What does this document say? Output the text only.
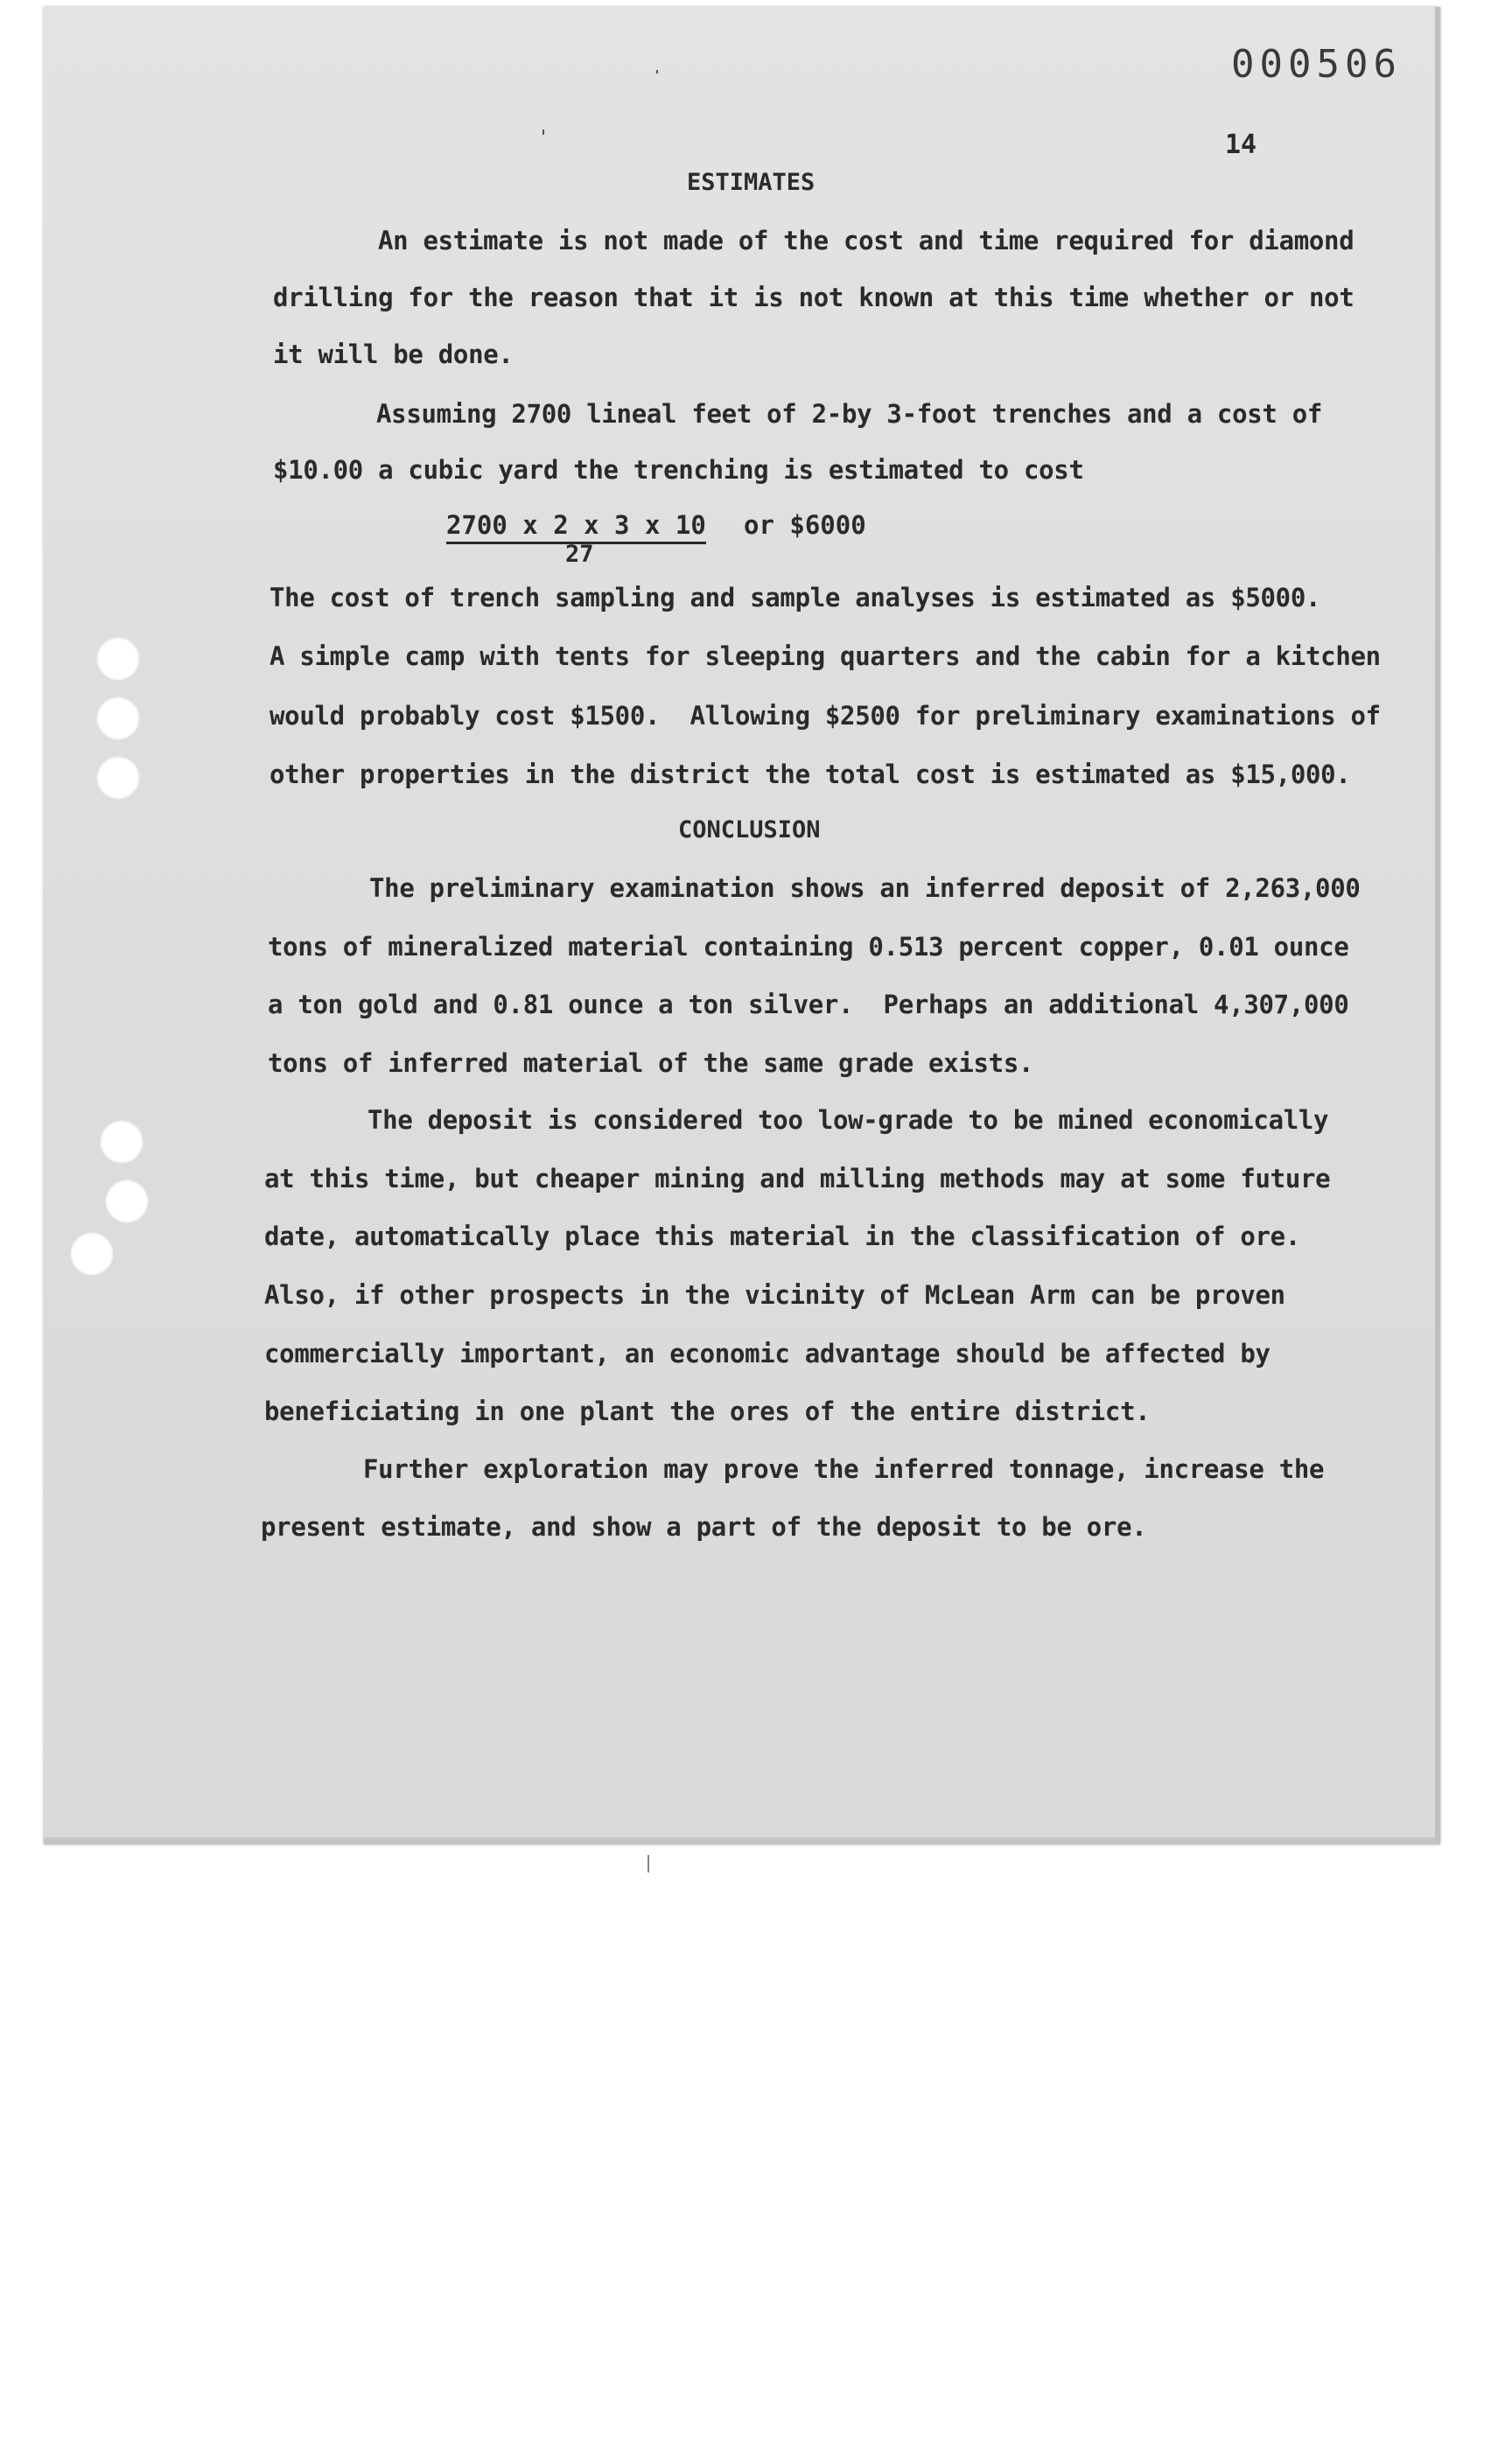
000506
14
ESTIMATES
An estimate is not made of the cost and time required for diamond
drilling for the reason that it is not known at this time whether or not
it will be done.
Assuming 2700 lineal feet of 2-by 3-foot trenches and a cost of
$10.00 a cubic yard the trenching is estimated to cost
2700 x 2 x 3 x 10
27
or $6000
The cost of trench sampling and sample analyses is estimated as $5000.
A simple camp with tents for sleeping quarters and the cabin for a kitchen
would probably cost $1500.  Allowing $2500 for preliminary examinations of
other properties in the district the total cost is estimated as $15,000.
CONCLUSION
The preliminary examination shows an inferred deposit of 2,263,000
tons of mineralized material containing 0.513 percent copper, 0.01 ounce
a ton gold and 0.81 ounce a ton silver.  Perhaps an additional 4,307,000
tons of inferred material of the same grade exists.
The deposit is considered too low-grade to be mined economically
at this time, but cheaper mining and milling methods may at some future
date, automatically place this material in the classification of ore.
Also, if other prospects in the vicinity of McLean Arm can be proven
commercially important, an economic advantage should be affected by
beneficiating in one plant the ores of the entire district.
Further exploration may prove the inferred tonnage, increase the
present estimate, and show a part of the deposit to be ore.
